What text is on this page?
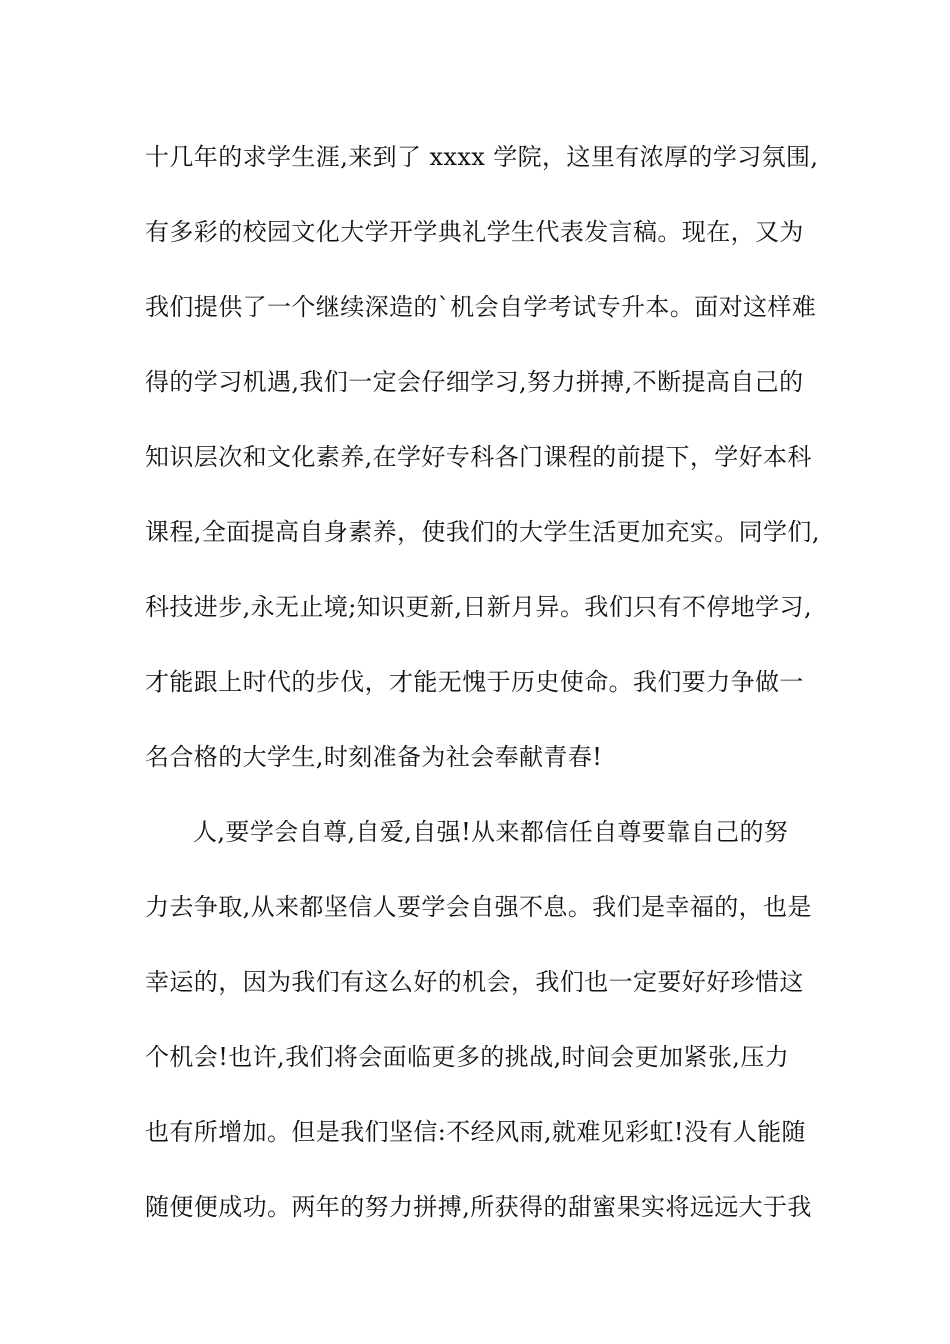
十几年的求学生涯,来到了 xxxx 学院，这里有浓厚的学习氛围,
有多彩的校园文化大学开学典礼学生代表发言稿。现在，又为
我们提供了一个继续深造的`机会自学考试专升本。面对这样难
得的学习机遇,我们一定会仔细学习,努力拼搏,不断提高自己的
知识层次和文化素养,在学好专科各门课程的前提下，学好本科
课程,全面提高自身素养，使我们的大学生活更加充实。同学们,
科技进步,永无止境;知识更新,日新月异。我们只有不停地学习,
才能跟上时代的步伐，才能无愧于历史使命。我们要力争做一
名合格的大学生,时刻准备为社会奉献青春!
人,要学会自尊,自爱,自强!从来都信任自尊要靠自己的努
力去争取,从来都坚信人要学会自强不息。我们是幸福的，也是
幸运的，因为我们有这么好的机会，我们也一定要好好珍惜这
个机会!也许,我们将会面临更多的挑战,时间会更加紧张,压力
也有所增加。但是我们坚信:不经风雨,就难见彩虹!没有人能随
随便便成功。两年的努力拼搏,所获得的甜蜜果实将远远大于我
